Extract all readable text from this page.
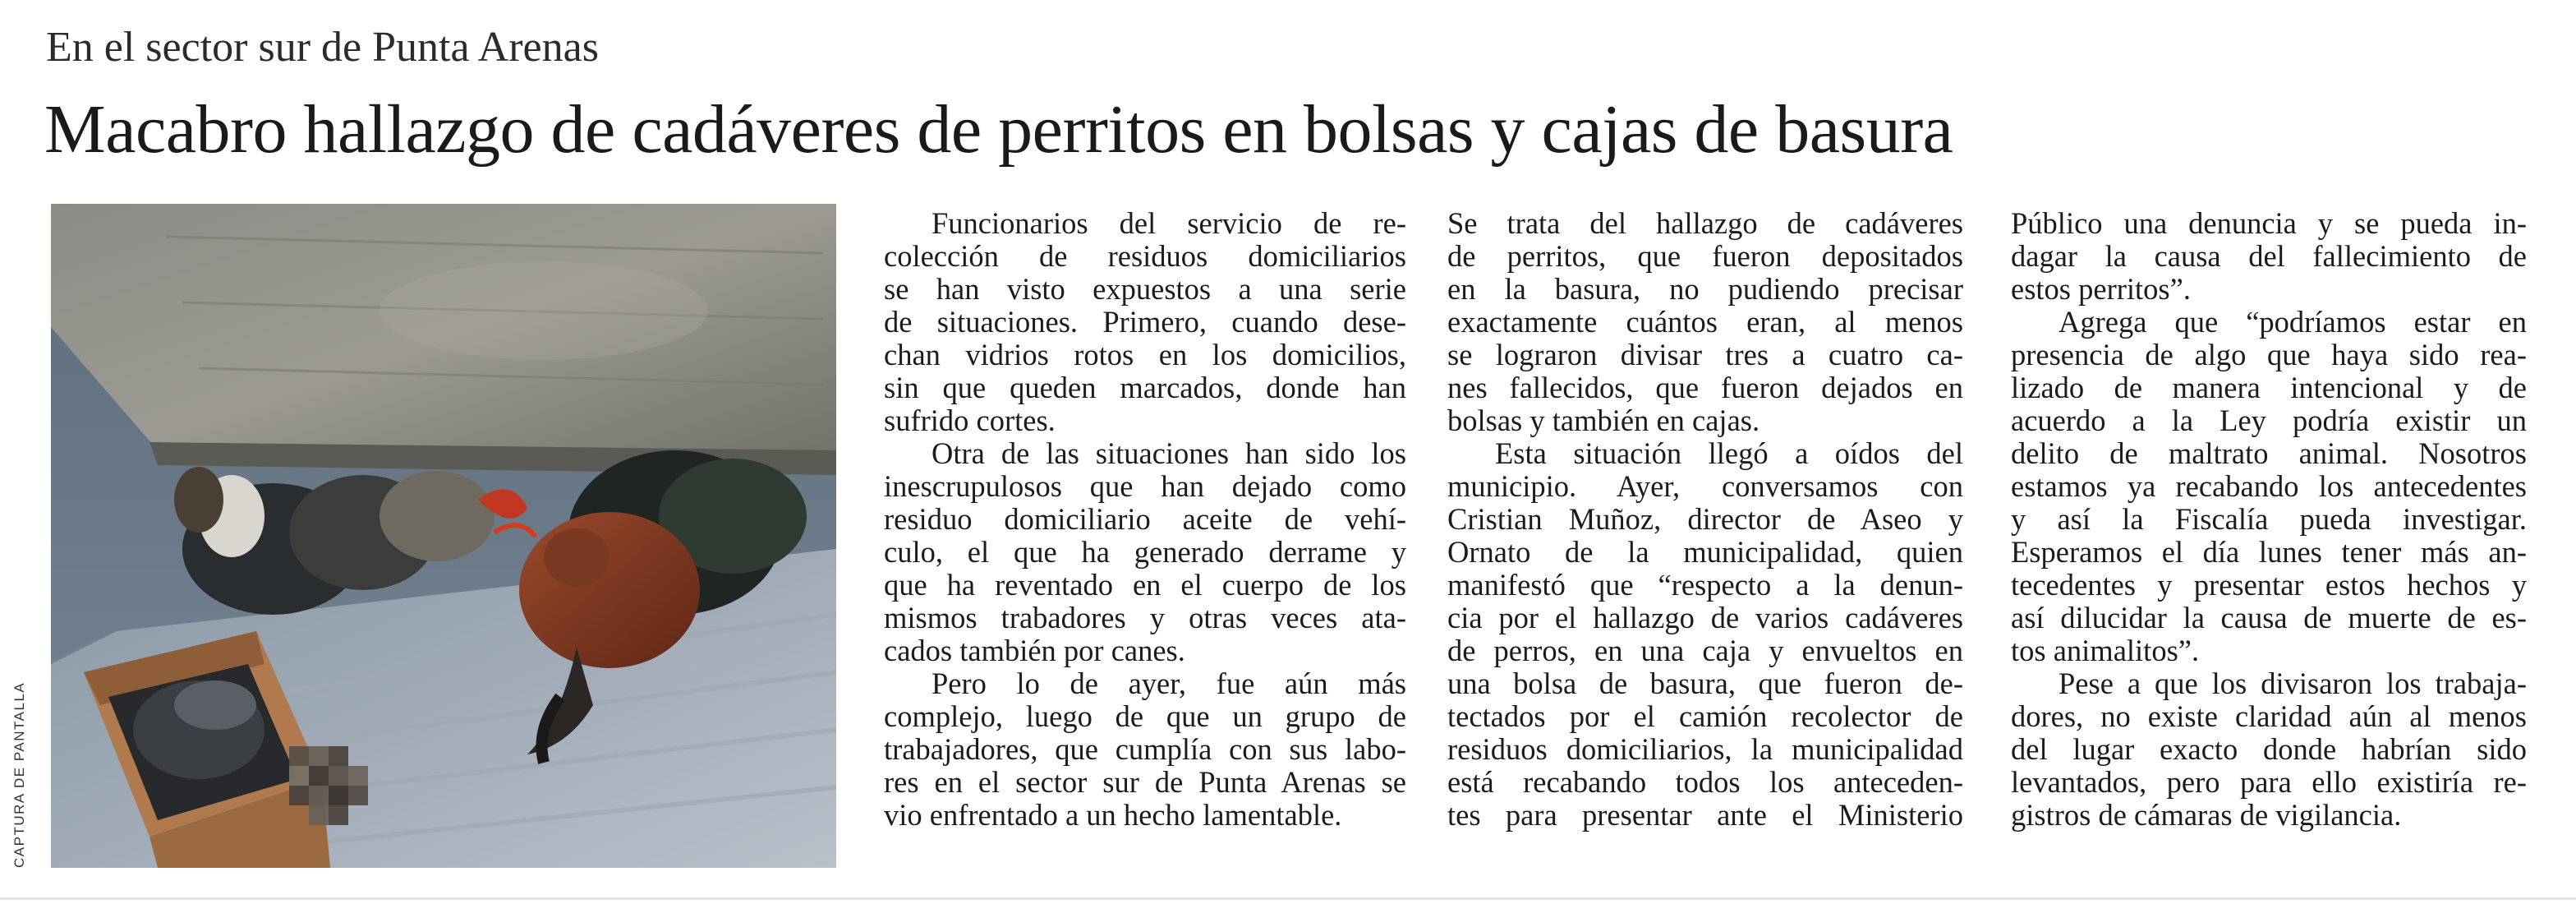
En el sector sur de Punta Arenas
Macabro hallazgo de cadáveres de perritos en bolsas y cajas de basura
CAPTURA DE PANTALLA
Funcionarios del servicio de re-
colección de residuos domiciliarios
se han visto expuestos a una serie
de situaciones. Primero, cuando dese-
chan vidrios rotos en los domicilios,
sin que queden marcados, donde han
sufrido cortes.
Otra de las situaciones han sido los
inescrupulosos que han dejado como
residuo domiciliario aceite de vehí-
culo, el que ha generado derrame y
que ha reventado en el cuerpo de los
mismos trabadores y otras veces ata-
cados también por canes.
Pero lo de ayer, fue aún más
complejo, luego de que un grupo de
trabajadores, que cumplía con sus labo-
res en el sector sur de Punta Arenas se
vio enfrentado a un hecho lamentable.
Se trata del hallazgo de cadáveres
de perritos, que fueron depositados
en la basura, no pudiendo precisar
exactamente cuántos eran, al menos
se lograron divisar tres a cuatro ca-
nes fallecidos, que fueron dejados en
bolsas y también en cajas.
Esta situación llegó a oídos del
municipio. Ayer, conversamos con
Cristian Muñoz, director de Aseo y
Ornato de la municipalidad, quien
manifestó que “respecto a la denun-
cia por el hallazgo de varios cadáveres
de perros, en una caja y envueltos en
una bolsa de basura, que fueron de-
tectados por el camión recolector de
residuos domiciliarios, la municipalidad
está recabando todos los anteceden-
tes para presentar ante el Ministerio
Público una denuncia y se pueda in-
dagar la causa del fallecimiento de
estos perritos”.
Agrega que “podríamos estar en
presencia de algo que haya sido rea-
lizado de manera intencional y de
acuerdo a la Ley podría existir un
delito de maltrato animal. Nosotros
estamos ya recabando los antecedentes
y así la Fiscalía pueda investigar.
Esperamos el día lunes tener más an-
tecedentes y presentar estos hechos y
así dilucidar la causa de muerte de es-
tos animalitos”.
Pese a que los divisaron los trabaja-
dores, no existe claridad aún al menos
del lugar exacto donde habrían sido
levantados, pero para ello existiría re-
gistros de cámaras de vigilancia.
